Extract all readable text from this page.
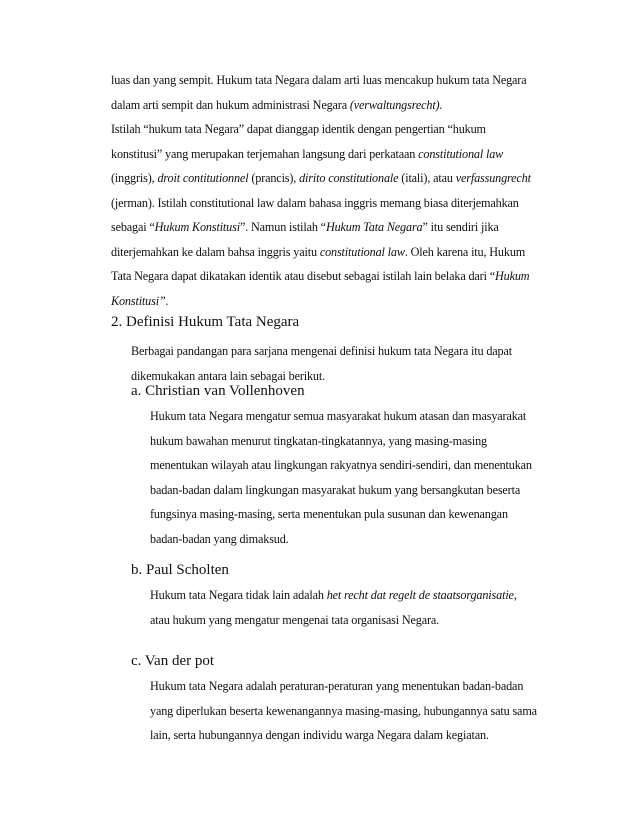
luas dan yang sempit. Hukum tata Negara dalam arti luas mencakup hukum tata Negara
dalam arti sempit dan hukum administrasi Negara (verwaltungsrecht).
Istilah “hukum tata Negara” dapat dianggap identik dengan pengertian “hukum
konstitusi” yang merupakan terjemahan langsung dari perkataan constitutional law
(inggris), droit contitutionnel (prancis), dirito constitutionale (itali), atau verfassungrecht
(jerman). Istilah constitutional law dalam bahasa inggris memang biasa diterjemahkan
sebagai “Hukum Konstitusi”. Namun istilah “Hukum Tata Negara” itu sendiri jika
diterjemahkan ke dalam bahsa inggris yaitu constitutional law. Oleh karena itu, Hukum
Tata Negara dapat dikatakan identik atau disebut sebagai istilah lain belaka dari “Hukum
Konstitusi”.
2. Definisi Hukum Tata Negara
Berbagai pandangan para sarjana mengenai definisi hukum tata Negara itu dapat
dikemukakan antara lain sebagai berikut.
a. Christian van Vollenhoven
Hukum tata Negara mengatur semua masyarakat hukum atasan dan masyarakat
hukum bawahan menurut tingkatan-tingkatannya, yang masing-masing
menentukan wilayah atau lingkungan rakyatnya sendiri-sendiri, dan menentukan
badan-badan dalam lingkungan masyarakat hukum yang bersangkutan beserta
fungsinya masing-masing, serta menentukan pula susunan dan kewenangan
badan-badan yang dimaksud.
b. Paul Scholten
Hukum tata Negara tidak lain adalah het recht dat regelt de staatsorganisatie,
atau hukum yang mengatur mengenai tata organisasi Negara.
c. Van der pot
Hukum tata Negara adalah peraturan-peraturan yang menentukan badan-badan
yang diperlukan beserta kewenangannya masing-masing, hubungannya satu sama
lain, serta hubungannya dengan individu warga Negara dalam kegiatan.
